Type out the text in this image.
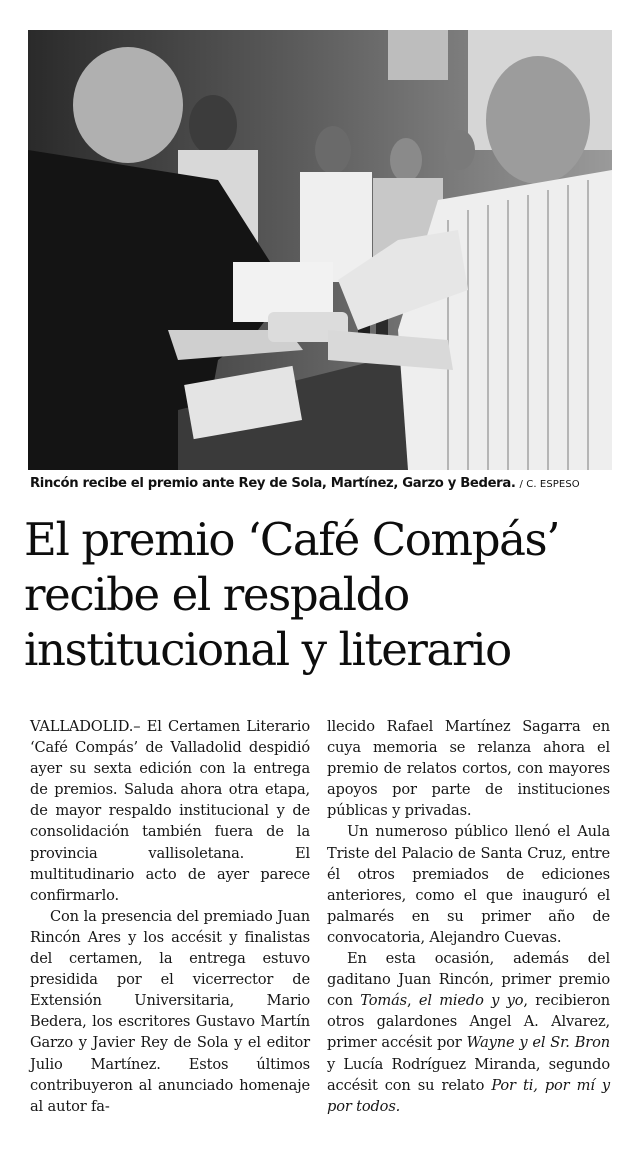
Rincón recibe el premio ante Rey de Sola, Martínez, Garzo y Bedera. / C. ESPESO
El premio ‘Café Compás’
recibe el respaldo
institucional y literario

VALLADOLID.– El Certamen Literario ‘Café Compás’ de Valladolid despidió ayer su sexta edición con la entrega de premios. Saluda ahora otra etapa, de mayor respaldo institucional y de consolidación también fuera de la provincia vallisoletana. El multitudinario acto de ayer parece confirmarlo.

Con la presencia del premiado Juan Rincón Ares y los accésit y finalistas del certamen, la entrega estuvo presidida por el vicerrector de Extensión Universitaria, Mario Bedera, los escritores Gustavo Martín Garzo y Javier Rey de Sola y el editor Julio Martínez. Estos últimos contribuyeron al anunciado homenaje al autor fa-

llecido Rafael Martínez Sagarra en cuya memoria se relanza ahora el premio de relatos cortos, con mayores apoyos por parte de instituciones públicas y privadas.

Un numeroso público llenó el Aula Triste del Palacio de Santa Cruz, entre él otros premiados de ediciones anteriores, como el que inauguró el palmarés en su primer año de convocatoria, Alejandro Cuevas.

En esta ocasión, además del gaditano Juan Rincón, primer premio con Tomás, el miedo y yo, recibieron otros galardones Angel A. Alvarez, primer accésit por Wayne y el Sr. Bron y Lucía Rodríguez Miranda, segundo accésit con su relato Por ti, por mí y por todos.
